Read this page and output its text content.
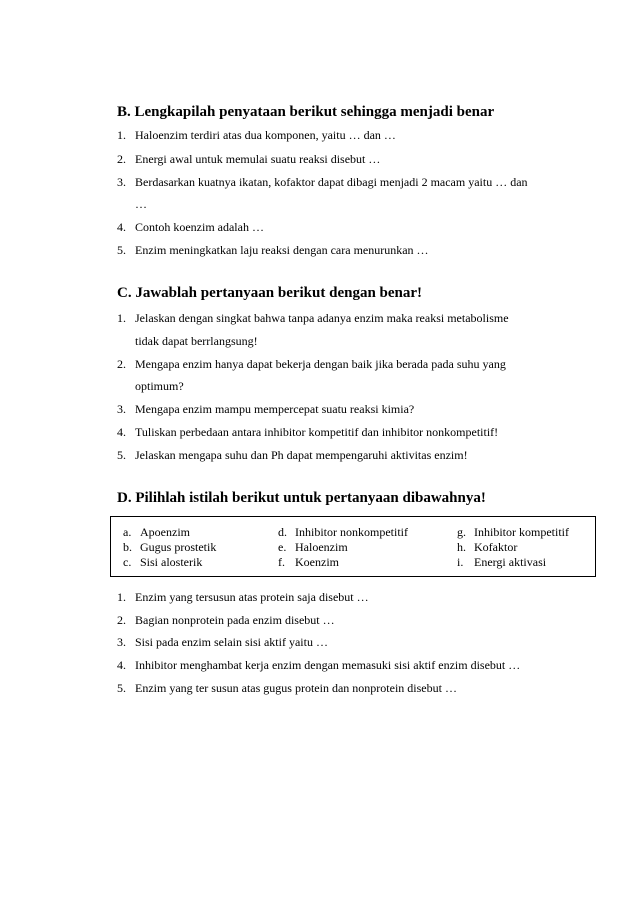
B. Lengkapilah penyataan berikut sehingga menjadi benar
1. Haloenzim terdiri atas dua komponen, yaitu … dan …
2. Energi awal untuk memulai suatu reaksi disebut …
3. Berdasarkan kuatnya ikatan, kofaktor dapat dibagi menjadi 2 macam yaitu … dan
…
4. Contoh koenzim adalah …
5. Enzim meningkatkan laju reaksi dengan cara menurunkan …
C. Jawablah pertanyaan berikut dengan benar!
1. Jelaskan dengan singkat bahwa tanpa adanya enzim maka reaksi metabolisme
tidak dapat berrlangsung!
2. Mengapa enzim hanya dapat bekerja dengan baik jika berada pada suhu yang
optimum?
3. Mengapa enzim mampu mempercepat suatu reaksi kimia?
4. Tuliskan perbedaan antara inhibitor kompetitif dan inhibitor nonkompetitif!
5. Jelaskan mengapa suhu dan Ph dapat mempengaruhi aktivitas enzim!
D. Pilihlah istilah berikut untuk pertanyaan dibawahnya!
a. Apoenzim
b. Gugus prostetik
c. Sisi alosterik
d. Inhibitor nonkompetitif
e. Haloenzim
f. Koenzim
g. Inhibitor kompetitif
h. Kofaktor
i. Energi aktivasi
1. Enzim yang tersusun atas protein saja disebut …
2. Bagian nonprotein pada enzim disebut …
3. Sisi pada enzim selain sisi aktif yaitu …
4. Inhibitor menghambat kerja enzim dengan memasuki sisi aktif enzim disebut …
5. Enzim yang ter susun atas gugus protein dan nonprotein disebut …
